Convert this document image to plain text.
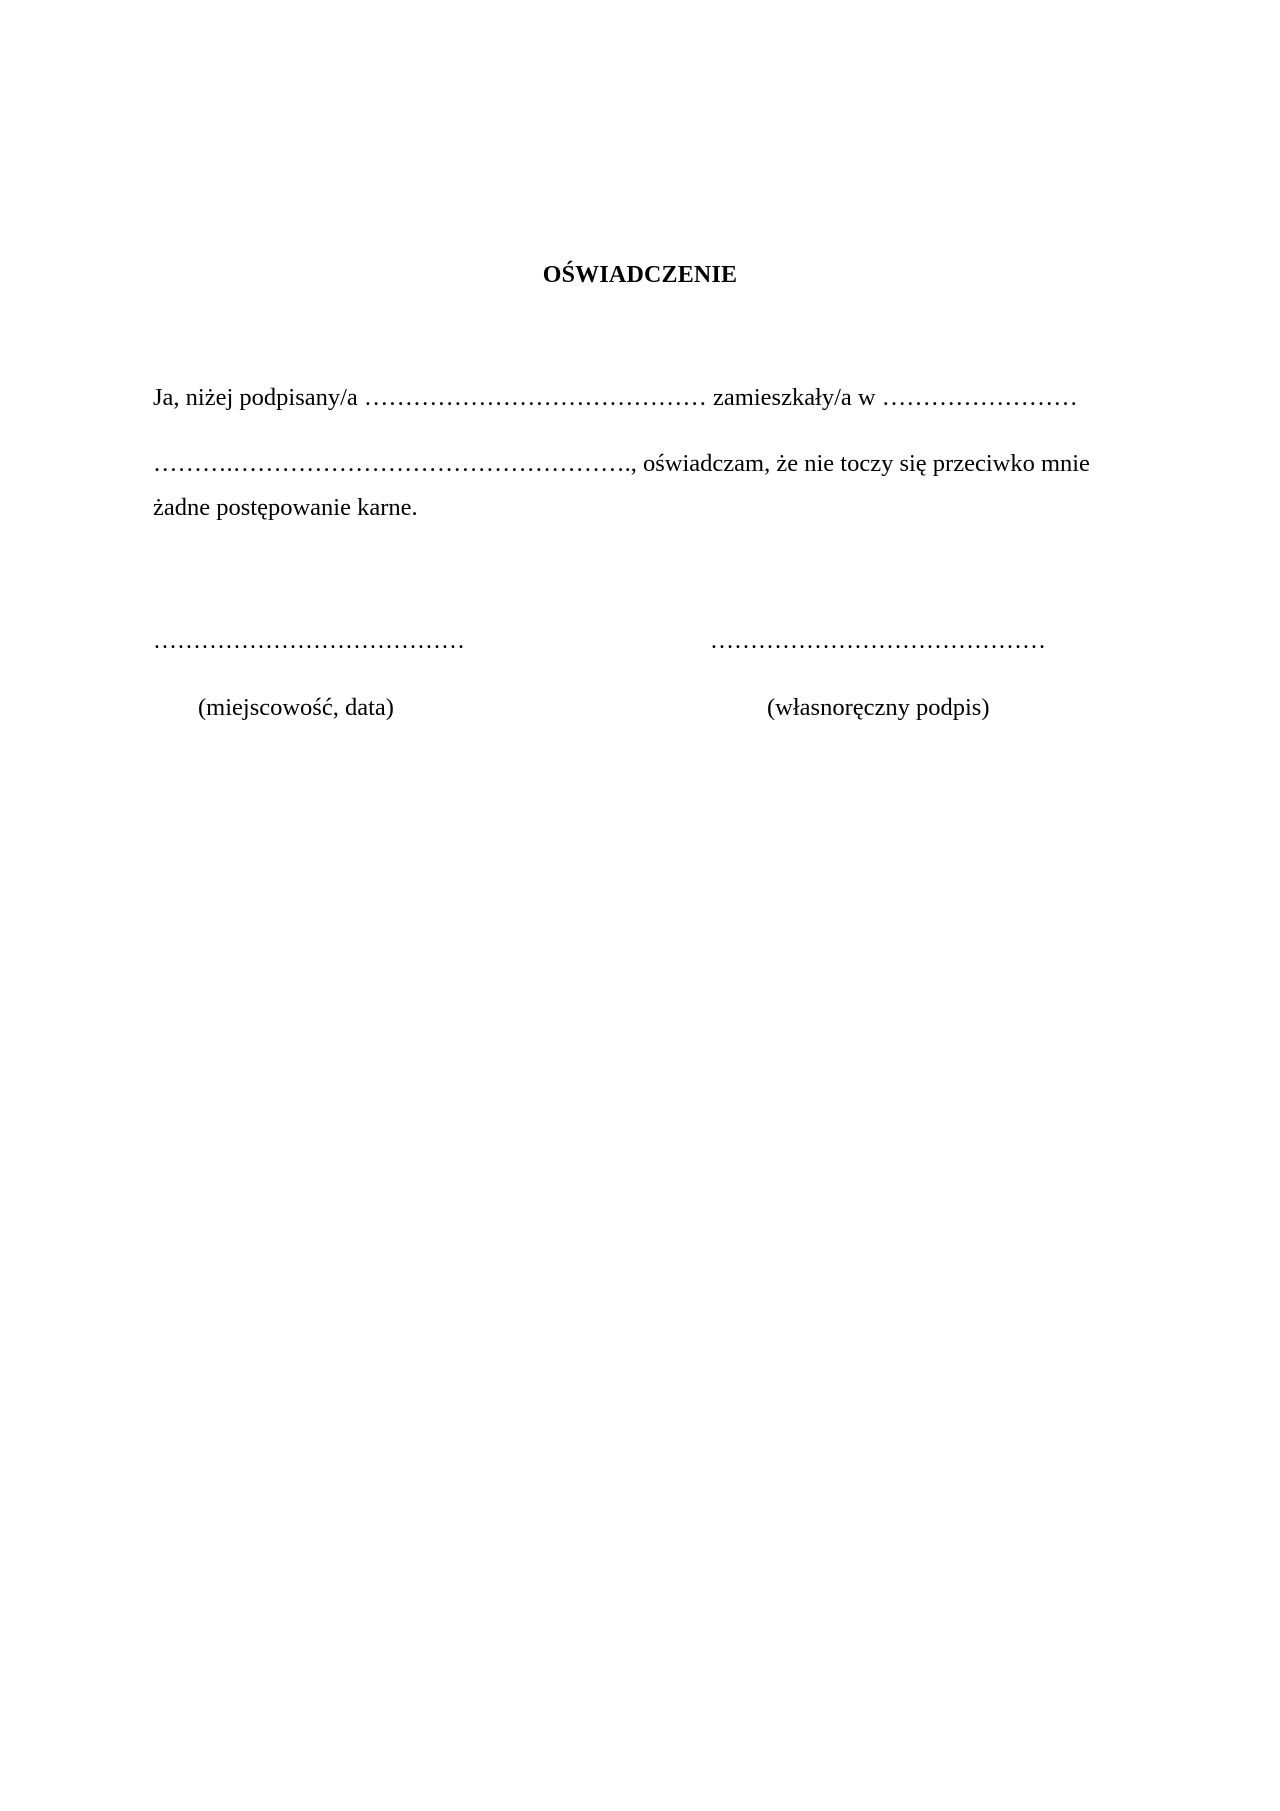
OŚWIADCZENIE
Ja, niżej podpisany/a …………………………………… zamieszkały/a w ……………………
……….…………………………………………., oświadczam, że nie toczy się przeciwko mnie
żadne postępowanie karne.
…………………………………	……………………………………
(miejscowość, data)	(własnoręczny podpis)
